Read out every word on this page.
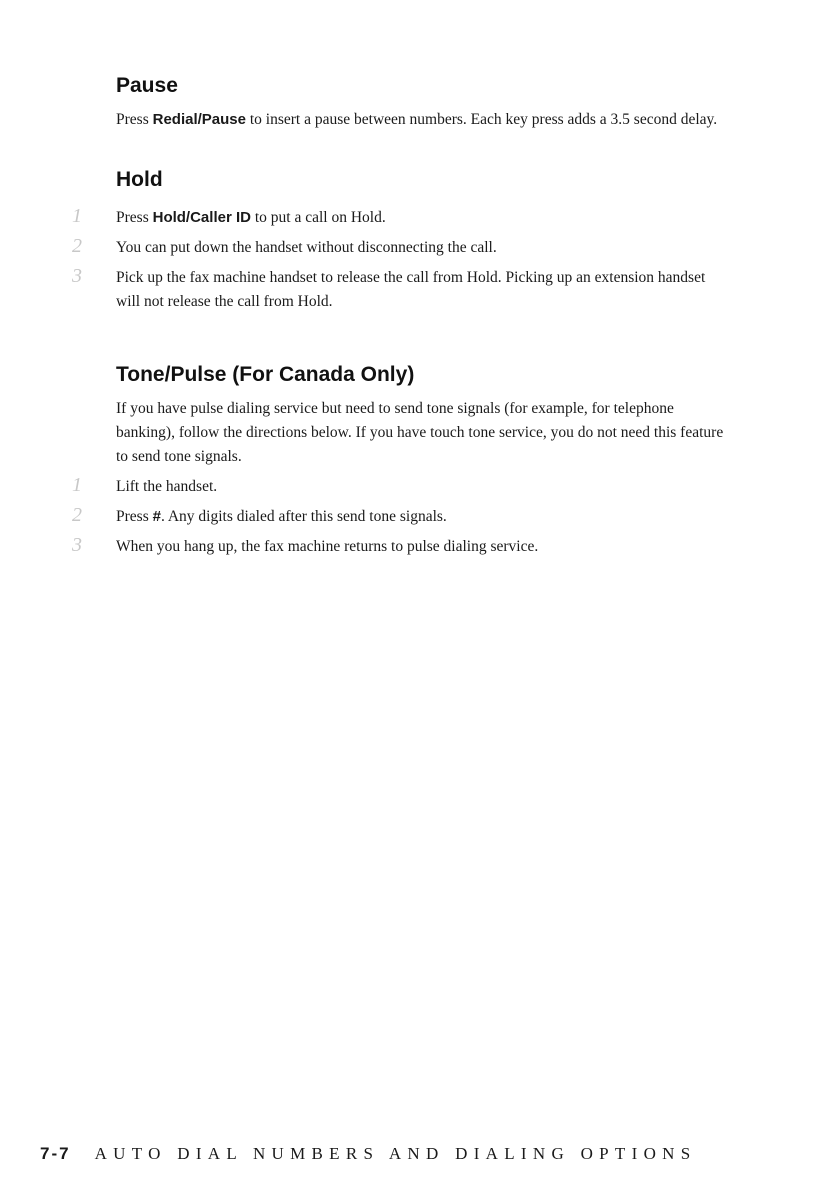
Pause

Press Redial/Pause to insert a pause between numbers. Each key press adds a 3.5 second delay.

Hold
1 Press Hold/Caller ID to put a call on Hold.

2 You can put down the handset without disconnecting the call.

3 Pick up the fax machine handset to release the call from Hold. Picking up an extension handset will not release the call from Hold.

Tone/Pulse (For Canada Only)

If you have pulse dialing service but need to send tone signals (for example, for telephone banking), follow the directions below. If you have touch tone service, you do not need this feature to send tone signals.

1 Lift the handset.

2 Press #. Any digits dialed after this send tone signals.

3 When you hang up, the fax machine returns to pulse dialing service.

7-7 AUTO DIAL NUMBERS AND DIALING OPTIONS
